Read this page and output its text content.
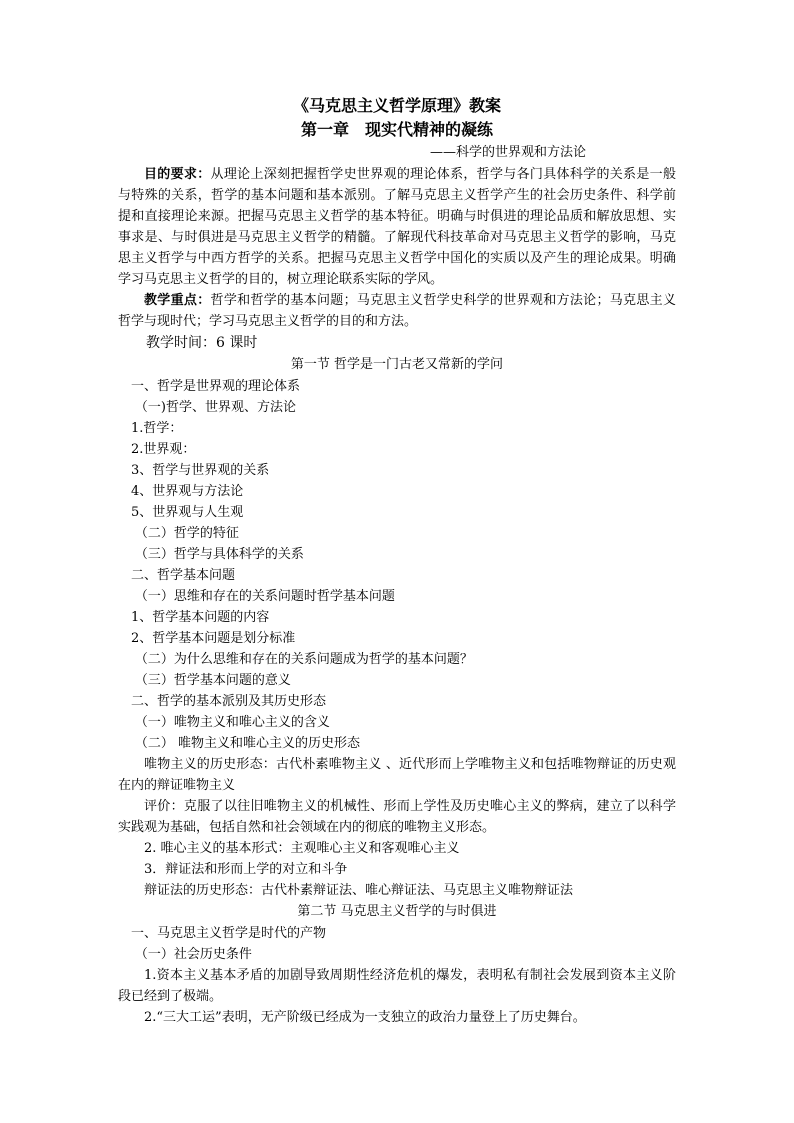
《马克思主义哲学原理》教案
第一章　现实代精神的凝练
——科学的世界观和方法论

目的要求：从理论上深刻把握哲学史世界观的理论体系，哲学与各门具体科学的关系是一般与特殊的关系，哲学的基本问题和基本派别。了解马克思主义哲学产生的社会历史条件、科学前提和直接理论来源。把握马克思主义哲学的基本特征。明确与时俱进的理论品质和解放思想、实事求是、与时俱进是马克思主义哲学的精髓。了解现代科技革命对马克思主义哲学的影响，马克思主义哲学与中西方哲学的关系。把握马克思主义哲学中国化的实质以及产生的理论成果。明确学习马克思主义哲学的目的，树立理论联系实际的学风。

教学重点：哲学和哲学的基本问题；马克思主义哲学史科学的世界观和方法论；马克思主义哲学与现时代；学习马克思主义哲学的目的和方法。

教学时间：6 课时

第一节 哲学是一门古老又常新的学问

一、哲学是世界观的理论体系

（一)哲学、世界观、方法论

1.哲学：

2.世界观：

3、哲学与世界观的关系

4、世界观与方法论

5、世界观与人生观

（二）哲学的特征

（三）哲学与具体科学的关系

二、哲学基本问题

（一）思维和存在的关系问题时哲学基本问题

1、哲学基本问题的内容

2、哲学基本问题是划分标准

（二）为什么思维和存在的关系问题成为哲学的基本问题？

（三）哲学基本问题的意义

二、哲学的基本派别及其历史形态

（一）唯物主义和唯心主义的含义

（二） 唯物主义和唯心主义的历史形态

唯物主义的历史形态：古代朴素唯物主义 、近代形而上学唯物主义和包括唯物辩证的历史观在内的辩证唯物主义

评价：克服了以往旧唯物主义的机械性、形而上学性及历史唯心主义的弊病，建立了以科学实践观为基础，包括自然和社会领域在内的彻底的唯物主义形态。

2. 唯心主义的基本形式：主观唯心主义和客观唯心主义

3．辩证法和形而上学的对立和斗争

辩证法的历史形态：古代朴素辩证法、唯心辩证法、马克思主义唯物辩证法

第二节 马克思主义哲学的与时俱进

一、马克思主义哲学是时代的产物

（一）社会历史条件

1.资本主义基本矛盾的加剧导致周期性经济危机的爆发，表明私有制社会发展到资本主义阶段已经到了极端。

2.“三大工运”表明，无产阶级已经成为一支独立的政治力量登上了历史舞台。
